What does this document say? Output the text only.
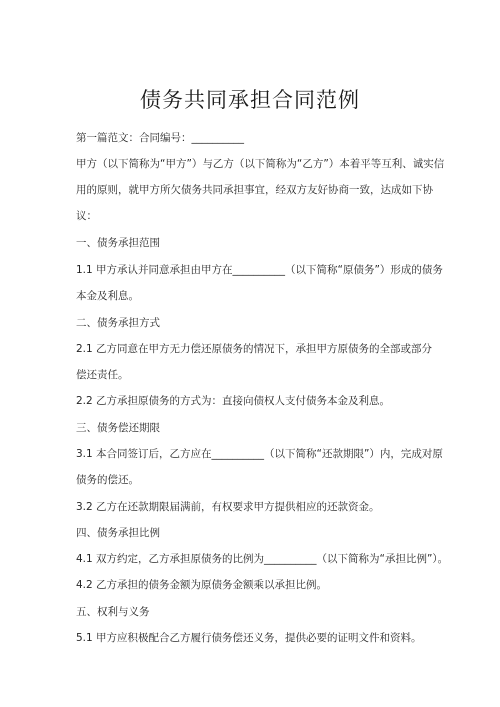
债务共同承担合同范例
第一篇范文：合同编号：__________
甲方（以下简称为“甲方”）与乙方（以下简称为“乙方”）本着平等互利、诚实信
用的原则，就甲方所欠债务共同承担事宜，经双方友好协商一致，达成如下协
议：
一、债务承担范围
1.1 甲方承认并同意承担由甲方在__________（以下简称“原债务”）形成的债务
本金及利息。
二、债务承担方式
2.1 乙方同意在甲方无力偿还原债务的情况下，承担甲方原债务的全部或部分
偿还责任。
2.2 乙方承担原债务的方式为：直接向债权人支付债务本金及利息。
三、债务偿还期限
3.1 本合同签订后，乙方应在__________（以下简称“还款期限”）内，完成对原
债务的偿还。
3.2 乙方在还款期限届满前，有权要求甲方提供相应的还款资金。
四、债务承担比例
4.1 双方约定，乙方承担原债务的比例为__________（以下简称为“承担比例”）。
4.2 乙方承担的债务金额为原债务金额乘以承担比例。
五、权利与义务
5.1 甲方应积极配合乙方履行债务偿还义务，提供必要的证明文件和资料。
